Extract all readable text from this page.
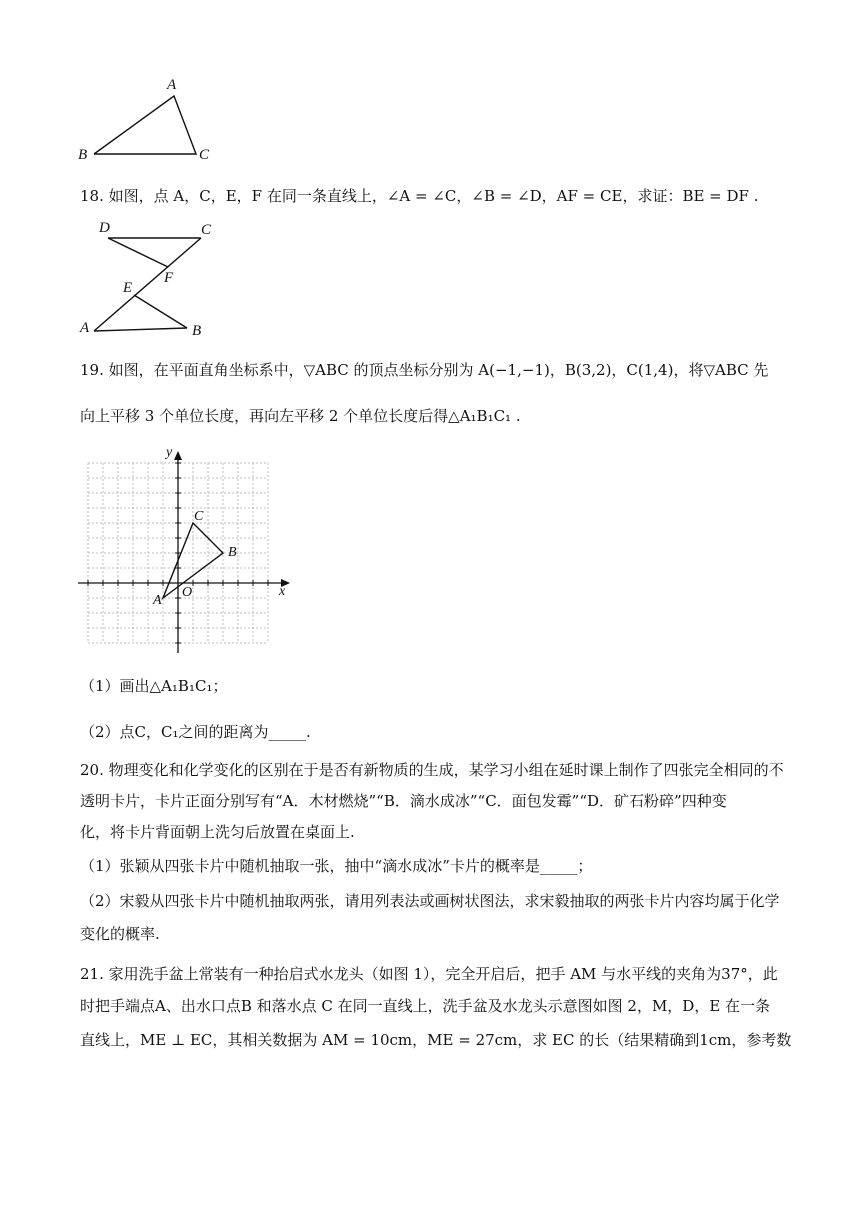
A
B	C
18. 如图，点 A，C，E，F 在同一条直线上，∠A = ∠C，∠B = ∠D，AF = CE，求证：BE = DF .
D	C
F
E
A	B
19. 如图，在平面直角坐标系中，▽ABC 的顶点坐标分别为 A(−1,−1)，B(3,2)，C(1,4)，将▽ABC 先
向上平移 3 个单位长度，再向左平移 2 个单位长度后得△A₁B₁C₁ .
y
x
O
A
B
C
（1）画出△A₁B₁C₁；
（2）点C，C₁之间的距离为_____.
20. 物理变化和化学变化的区别在于是否有新物质的生成，某学习小组在延时课上制作了四张完全相同的不
透明卡片，卡片正面分别写有“A．木材燃烧”“B．滴水成冰”“C．面包发霉”“D．矿石粉碎”四种变
化，将卡片背面朝上洗匀后放置在桌面上.
（1）张颖从四张卡片中随机抽取一张，抽中“滴水成冰”卡片的概率是_____；
（2）宋毅从四张卡片中随机抽取两张，请用列表法或画树状图法，求宋毅抽取的两张卡片内容均属于化学
变化的概率.
21. 家用洗手盆上常装有一种抬启式水龙头（如图 1），完全开启后，把手 AM 与水平线的夹角为37°，此
时把手端点A、出水口点B 和落水点 C 在同一直线上，洗手盆及水龙头示意图如图 2，M，D，E 在一条
直线上，ME ⊥ EC，其相关数据为 AM = 10cm，ME = 27cm，求 EC 的长（结果精确到1cm，参考数
